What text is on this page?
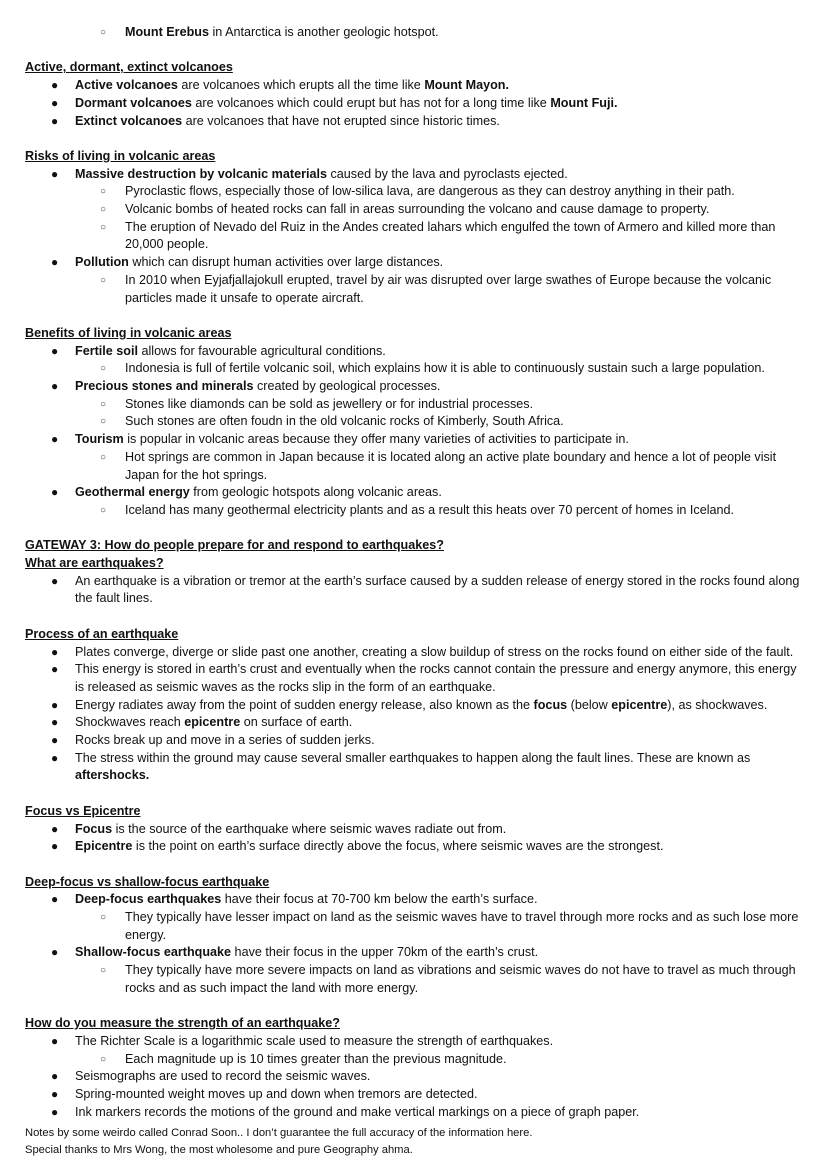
○ Mount Erebus in Antarctica is another geologic hotspot.
Active, dormant, extinct volcanoes
● Active volcanoes are volcanoes which erupts all the time like Mount Mayon.
● Dormant volcanoes are volcanoes which could erupt but has not for a long time like Mount Fuji.
● Extinct volcanoes are volcanoes that have not erupted since historic times.
Risks of living in volcanic areas
● Massive destruction by volcanic materials caused by the lava and pyroclasts ejected.
○ Pyroclastic flows, especially those of low-silica lava, are dangerous as they can destroy anything in their path.
○ Volcanic bombs of heated rocks can fall in areas surrounding the volcano and cause damage to property.
○ The eruption of Nevado del Ruiz in the Andes created lahars which engulfed the town of Armero and killed more than 20,000 people.
● Pollution which can disrupt human activities over large distances.
○ In 2010 when Eyjafjallajokull erupted, travel by air was disrupted over large swathes of Europe because the volcanic particles made it unsafe to operate aircraft.
Benefits of living in volcanic areas
● Fertile soil allows for favourable agricultural conditions.
○ Indonesia is full of fertile volcanic soil, which explains how it is able to continuously sustain such a large population.
● Precious stones and minerals created by geological processes.
○ Stones like diamonds can be sold as jewellery or for industrial processes.
○ Such stones are often foudn in the old volcanic rocks of Kimberly, South Africa.
● Tourism is popular in volcanic areas because they offer many varieties of activities to participate in.
○ Hot springs are common in Japan because it is located along an active plate boundary and hence a lot of people visit Japan for the hot springs.
● Geothermal energy from geologic hotspots along volcanic areas.
○ Iceland has many geothermal electricity plants and as a result this heats over 70 percent of homes in Iceland.
GATEWAY 3: How do people prepare for and respond to earthquakes?
What are earthquakes?
● An earthquake is a vibration or tremor at the earth’s surface caused by a sudden release of energy stored in the rocks found along the fault lines.
Process of an earthquake
● Plates converge, diverge or slide past one another, creating a slow buildup of stress on the rocks found on either side of the fault.
● This energy is stored in earth’s crust and eventually when the rocks cannot contain the pressure and energy anymore, this energy is released as seismic waves as the rocks slip in the form of an earthquake.
● Energy radiates away from the point of sudden energy release, also known as the focus (below epicentre), as shockwaves.
● Shockwaves reach epicentre on surface of earth.
● Rocks break up and move in a series of sudden jerks.
● The stress within the ground may cause several smaller earthquakes to happen along the fault lines. These are known as aftershocks.
Focus vs Epicentre
● Focus is the source of the earthquake where seismic waves radiate out from.
● Epicentre is the point on earth’s surface directly above the focus, where seismic waves are the strongest.
Deep-focus vs shallow-focus earthquake
● Deep-focus earthquakes have their focus at 70-700 km below the earth’s surface.
○ They typically have lesser impact on land as the seismic waves have to travel through more rocks and as such lose more energy.
● Shallow-focus earthquake have their focus in the upper 70km of the earth’s crust.
○ They typically have more severe impacts on land as vibrations and seismic waves do not have to travel as much through rocks and as such impact the land with more energy.
How do you measure the strength of an earthquake?
● The Richter Scale is a logarithmic scale used to measure the strength of earthquakes.
○ Each magnitude up is 10 times greater than the previous magnitude.
● Seismographs are used to record the seismic waves.
● Spring-mounted weight moves up and down when tremors are detected.
● Ink markers records the motions of the ground and make vertical markings on a piece of graph paper.
Notes by some weirdo called Conrad Soon.. I don’t guarantee the full accuracy of the information here.
Special thanks to Mrs Wong, the most wholesome and pure Geography ahma.
